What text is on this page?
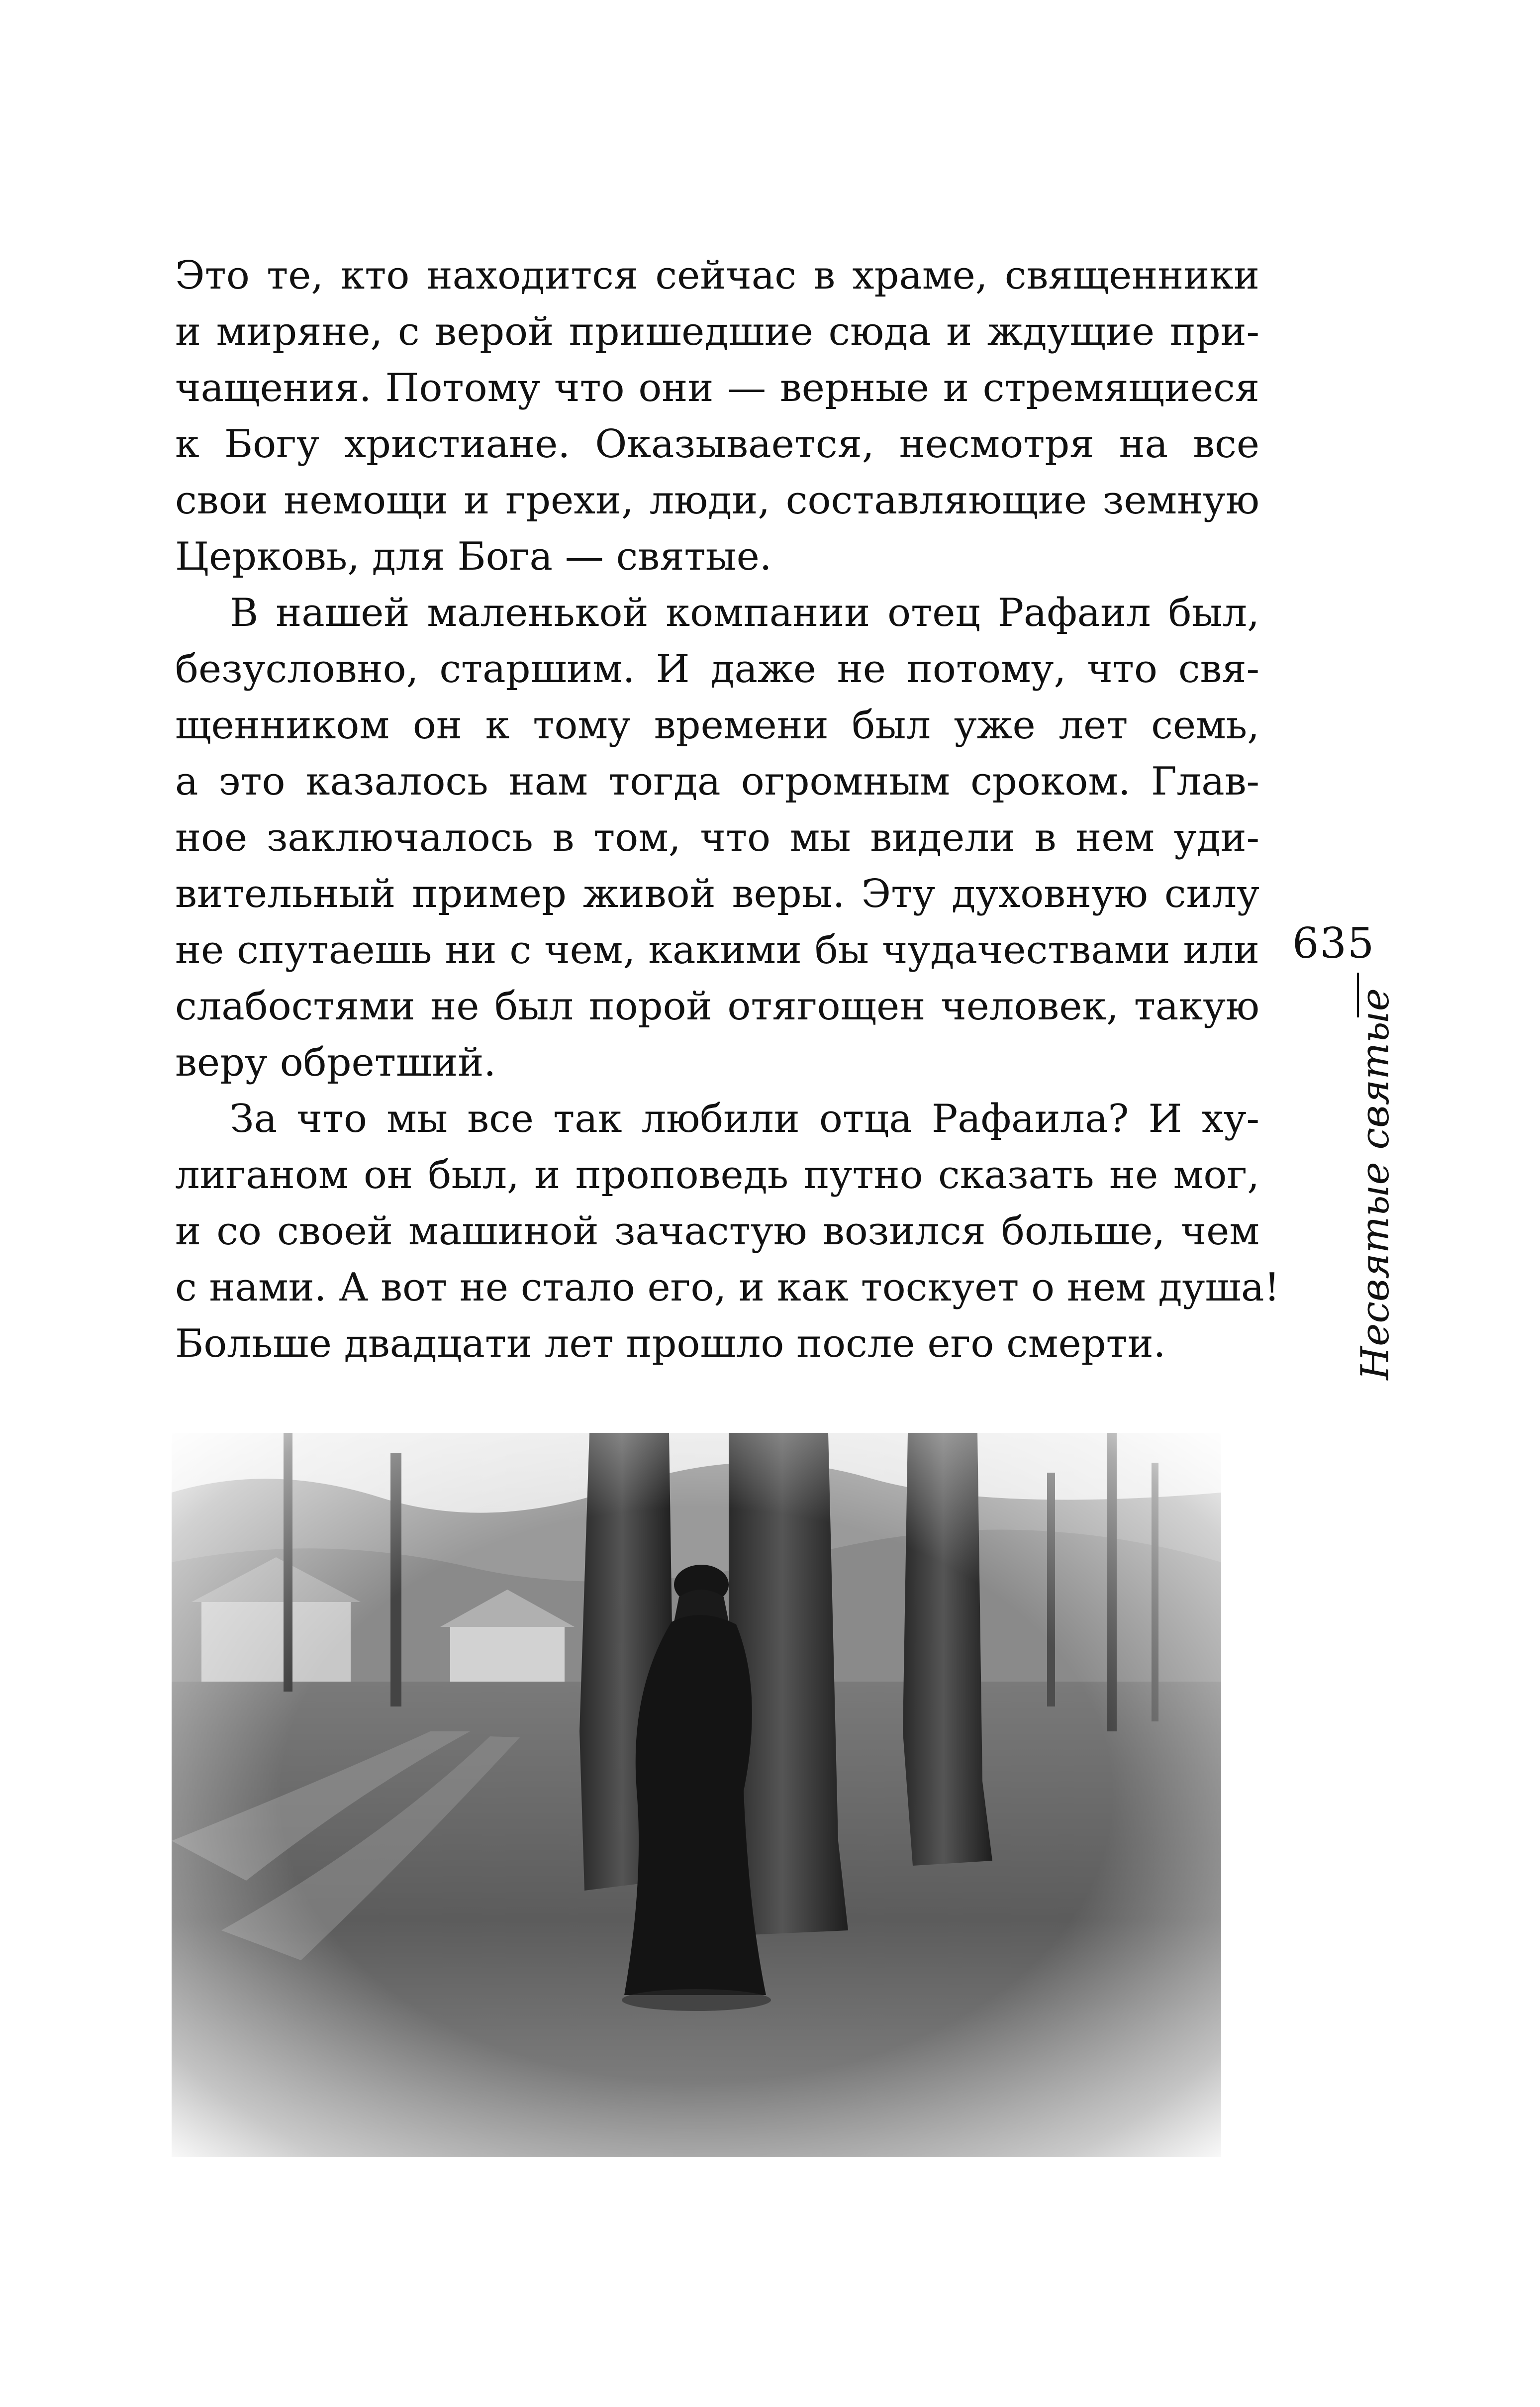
Это те, кто находится сейчас в храме, священники
и миряне, с верой пришедшие сюда и ждущие при-
чащения. Потому что они — верные и стремящиеся
к Богу христиане. Оказывается, несмотря на все
свои немощи и грехи, люди, составляющие земную
Церковь, для Бога — святые.
В нашей маленькой компании отец Рафаил был,
безусловно, старшим. И даже не потому, что свя-
щенником он к тому времени был уже лет семь,
а это казалось нам тогда огромным сроком. Глав-
ное заключалось в том, что мы видели в нем уди-
вительный пример живой веры. Эту духовную силу
не спутаешь ни с чем, какими бы чудачествами или
слабостями не был порой отягощен человек, такую
веру обретший.
За что мы все так любили отца Рафаила? И ху-
лиганом он был, и проповедь путно сказать не мог,
и со своей машиной зачастую возился больше, чем
с нами. А вот не стало его, и как тоскует о нем душа!
Больше двадцати лет прошло после его смерти.
635
Несвятые святые
